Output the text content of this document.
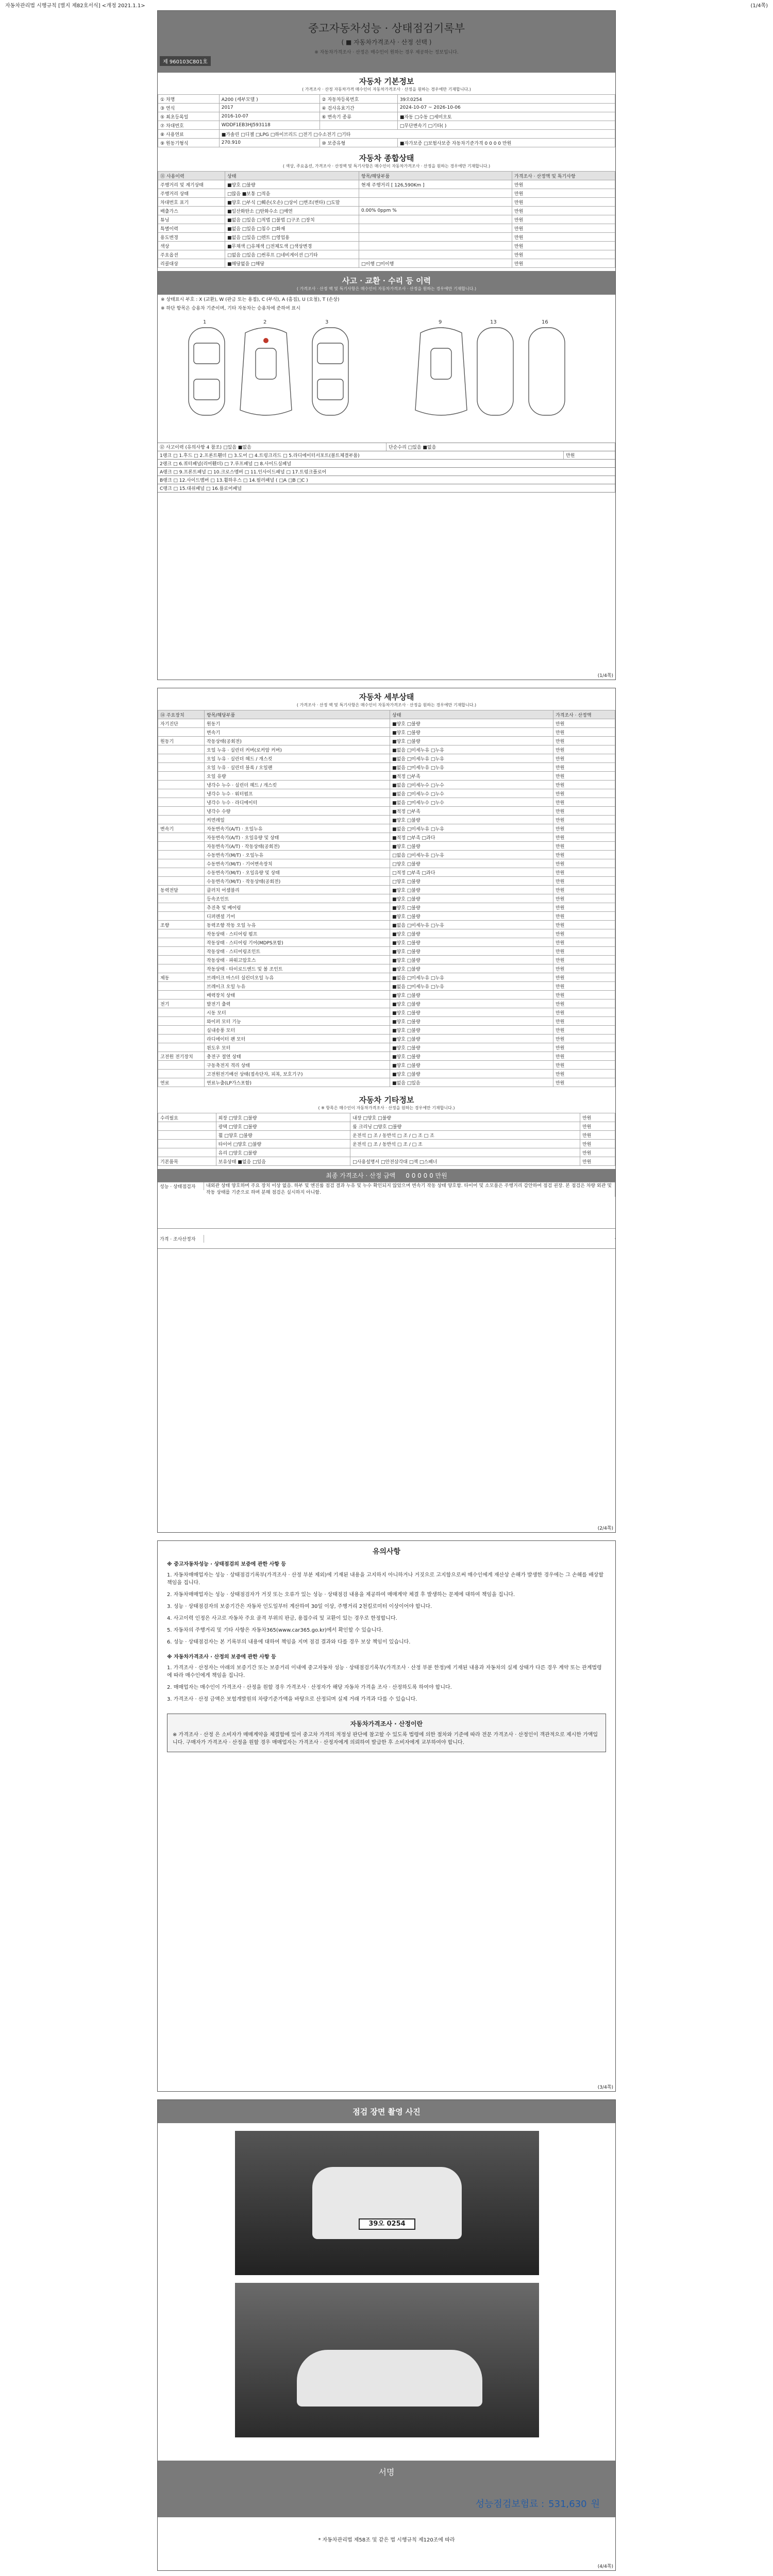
자동차관리법 시행규칙 [별지 제82호서식] <개정 2021.1.1>	(1/4쪽)
중고자동차성능 · 상태점검기록부
( ■ 자동차가격조사 · 산정 선택 )
※ 자동차가격조사 · 산정은 매수인이 원하는 경우 제공하는 정보입니다.
제 960103C801호
자동차 기본정보
( 가격조사 · 산정 자동차가격 매수인이 자동차가격조사 · 산정을 원하는 경우에만 기재합니다.)
① 차명	A200 (세부모델 )	② 자동차등록번호	39오0254
③ 연식	2017	④ 검사유효기간	2024-10-07 ~ 2026-10-06
⑤ 최초등록일	2016-10-07	⑥ 변속기 종류	■자동 □수동 □세미오토
⑦ 차대번호	WDDF1EB3HJ593118		□무단변속기 □기타( )
⑧ 사용연료	■가솔린 □디젤 □LPG □하이브리드 □전기 □수소전기 □기타		
⑨ 원동기형식	270.910	⑩ 보증유형	■자가보증 □보험사보증 자동차기준가격 0 0 0 0 만원
자동차 종합상태
( 색상, 주요옵션, 가격조사 · 산정액 및 특기사항은 매수인이 자동차가격조사 · 산정을 원하는 경우에만 기재합니다.)
⑪ 사용이력	상태	항목/해당부품	가격조사 · 산정액 및 특기사항
주행거리 및 계기상태	■양호 □불량	현재 주행거리 [ 126,590Km ]	만원
주행거리 상태	□많음 ■보통 □적음		만원
차대번호 표기	■양호 □부식 □훼손(오손) □상이 □변조(변타) □도말		만원
배출가스	■일산화탄소 □탄화수소 □매연	0.00% 0ppm %	만원
튜닝	■없음 □있음 □적법 □불법 □구조 □장치		만원
특별이력	■없음 □있음 □침수 □화재		만원
용도변경	■없음 □있음 □렌트 □영업용		만원
색상	■무채색 □유채색 □전체도색 □색상변경		만원
주요옵션	□없음 □있음 □썬루프 □네비게이션 □기타		만원
리콜대상	■해당없음 □해당	□이행 □미이행	만원
사고 · 교환 · 수리 등 이력
( 가격조사 · 산정 액 및 특기사항은 매수인이 자동차가격조사 · 산정을 원하는 경우에만 기재합니다.)
※ 상태표시 부호 : X (교환), W (판금 또는 용접), C (부식), A (흠집), U (요철), T (손상)
※ 하단 항목은 승용차 기준이며, 기타 자동차는 승용차에 준하여 표시
1	2	3	9	13	16
⑫ 사고이력 (유의사항 4 참조) □있음 ■없음	단순수리 □있음 ■없음
1랭크 □ 1.후드 □ 2.프론트휀더 □ 3.도어 □ 4.트렁크리드 □ 5.라디에이터서포트(볼트체결부품)	만원
2랭크 □ 6.쿼터패널(리어휀더) □ 7.루프패널 □ 8.사이드실패널
A랭크 □ 9.프론트패널 □ 10.크로스멤버 □ 11.인사이드패널 □ 17.트렁크플로어
B랭크 □ 12.사이드멤버 □ 13.휠하우스 □ 14.필러패널 ( □A □B □C )
C랭크 □ 15.대쉬패널 □ 16.플로어패널
(1/4쪽)
자동차 세부상태
( 가격조사 · 산정 액 및 특기사항은 매수인이 자동차가격조사 · 산정을 원하는 경우에만 기재합니다.)
⑭ 주요장치	항목/해당부품	상태	가격조사 · 산정액
자기진단	원동기	■양호 □불량	만원
	변속기	■양호 □불량	만원
원동기	작동상태(공회전)	■양호 □불량	만원
	오일 누유 · 실린더 커버(로커암 커버)	■없음 □미세누유 □누유	만원
	오일 누유 · 실린더 헤드 / 개스킷	■없음 □미세누유 □누유	만원
	오일 누유 · 실린더 블록 / 오일팬	■없음 □미세누유 □누유	만원
	오일 유량	■적정 □부족	만원
	냉각수 누수 · 실린더 헤드 / 개스킷	■없음 □미세누수 □누수	만원
	냉각수 누수 · 워터펌프	■없음 □미세누수 □누수	만원
	냉각수 누수 · 라디에이터	■없음 □미세누수 □누수	만원
	냉각수 수량	■적정 □부족	만원
	커먼레일	■양호 □불량	만원
변속기	자동변속기(A/T) · 오일누유	■없음 □미세누유 □누유	만원
	자동변속기(A/T) · 오일유량 및 상태	■적정 □부족 □과다	만원
	자동변속기(A/T) · 작동상태(공회전)	■양호 □불량	만원
	수동변속기(M/T) · 오일누유	□없음 □미세누유 □누유	만원
	수동변속기(M/T) · 기어변속장치	□양호 □불량	만원
	수동변속기(M/T) · 오일유량 및 상태	□적정 □부족 □과다	만원
	수동변속기(M/T) · 작동상태(공회전)	□양호 □불량	만원
동력전달	클러치 어셈블리	■양호 □불량	만원
	등속조인트	■양호 □불량	만원
	추진축 및 베어링	■양호 □불량	만원
	디퍼렌셜 기어	■양호 □불량	만원
조향	동력조향 작동 오일 누유	■없음 □미세누유 □누유	만원
	작동상태 · 스티어링 펌프	■양호 □불량	만원
	작동상태 · 스티어링 기어(MDPS포함)	■양호 □불량	만원
	작동상태 · 스티어링조인트	■양호 □불량	만원
	작동상태 · 파워고압호스	■양호 □불량	만원
	작동상태 · 타이로드엔드 및 볼 조인트	■양호 □불량	만원
제동	브레이크 마스터 실린더오일 누유	■없음 □미세누유 □누유	만원
	브레이크 오일 누유	■없음 □미세누유 □누유	만원
	배력장치 상태	■양호 □불량	만원
전기	발전기 출력	■양호 □불량	만원
	시동 모터	■양호 □불량	만원
	와이퍼 모터 기능	■양호 □불량	만원
	실내송풍 모터	■양호 □불량	만원
	라디에이터 팬 모터	■양호 □불량	만원
	윈도우 모터	■양호 □불량	만원
고전원 전기장치	충전구 절연 상태	■양호 □불량	만원
	구동축전지 격리 상태	■양호 □불량	만원
	고전원전기배선 상태(접속단자, 피복, 보호기구)	■양호 □불량	만원
연료	연료누출(LP가스포함)	■없음 □있음	만원
자동차 기타정보
( ※ 항목은 매수인이 자동차가격조사 · 산정을 원하는 경우에만 기재합니다.)
수리필요	외장 □양호 □불량	내장 □양호 □불량	만원
	광택 □양호 □불량	룸 크리닝 □양호 □불량	만원
	휠 □양호 □불량	운전석 □ 조 / 동반석 □ 조 / □ 조 □ 조	만원
	타이어 □양호 □불량	운전석 □ 조 / 동반석 □ 조 / □ 조	만원
	유리 □양호 □불량		만원
기본품목	보유상태 ■없음 □있음	□사용설명서 □안전삼각대 □잭 □스패너	만원
최종 가격조사 · 산정 금액 0 0 0 0 0 만원
성능 · 상태점검자	내외관 상태 양호하며 주요 장치 이상 없음. 하부 및 엔진룸 점검 결과 누유 및 누수 확인되지 않았으며 변속기 작동 상태 양호함. 타이어 및 소모품은 주행거리 감안하여 점검 권장. 본 점검은 차량 외관 및 작동 상태를 기준으로 하며 분해 점검은 실시하지 아니함.
가격 · 조사산정자
(2/4쪽)
유의사항

※ 중고자동차성능 · 상태점검의 보증에 관한 사항 등

1. 자동차매매업자는 성능 · 상태점검기록부(가격조사 · 산정 부분 제외)에 기재된 내용을 고지하지 아니하거나 거짓으로 고지함으로써 매수인에게 재산상 손해가 발생한 경우에는 그 손해를 배상할 책임을 집니다.

2. 자동차매매업자는 성능 · 상태점검자가 거짓 또는 오류가 있는 성능 · 상태점검 내용을 제공하여 매매계약 체결 후 발생하는 문제에 대하여 책임을 집니다.

3. 성능 · 상태점검자의 보증기간은 자동차 인도일부터 계산하여 30일 이상, 주행거리 2천킬로미터 이상이어야 합니다.

4. 사고이력 인정은 사고로 자동차 주요 골격 부위의 판금, 용접수리 및 교환이 있는 경우로 한정합니다.

5. 자동차의 주행거리 및 기타 사항은 자동차365(www.car365.go.kr)에서 확인할 수 있습니다.

6. 성능 · 상태점검자는 본 기록부의 내용에 대하여 책임을 지며 점검 결과와 다를 경우 보상 책임이 있습니다.

※ 자동차가격조사 · 산정의 보증에 관한 사항 등

1. 가격조사 · 산정자는 아래의 보증기간 또는 보증거리 이내에 중고자동차 성능 · 상태점검기록부(가격조사 · 산정 부분 한정)에 기재된 내용과 자동차의 실제 상태가 다른 경우 계약 또는 관계법령에 따라 매수인에게 책임을 집니다.

2. 매매업자는 매수인이 가격조사 · 산정을 원할 경우 가격조사 · 산정자가 해당 자동차 가격을 조사 · 산정하도록 하여야 합니다.

3. 가격조사 · 산정 금액은 보험개발원의 차량기준가액을 바탕으로 산정되며 실제 거래 가격과 다를 수 있습니다.

자동차가격조사 · 산정이란
※ 가격조사 · 산정 은 소비자가 매매계약을 체결함에 있어 중고차 가격의 적정성 판단에 참고할 수 있도록 법령에 의한 절차와 기준에 따라 전문 가격조사 · 산정인이 객관적으로 제시한 가액입니다. 구매자가 가격조사 · 산정을 원할 경우 매매업자는 가격조사 · 산정자에게 의뢰하여 발급한 후 소비자에게 교부하여야 합니다.
(3/4쪽)
점검 장면 촬영 사진
39오 0254
서명
성능점검보험료 : 531,630 원
* 자동차관리법 제58조 및 같은 법 시행규칙 제120조에 따라
(4/4쪽)
